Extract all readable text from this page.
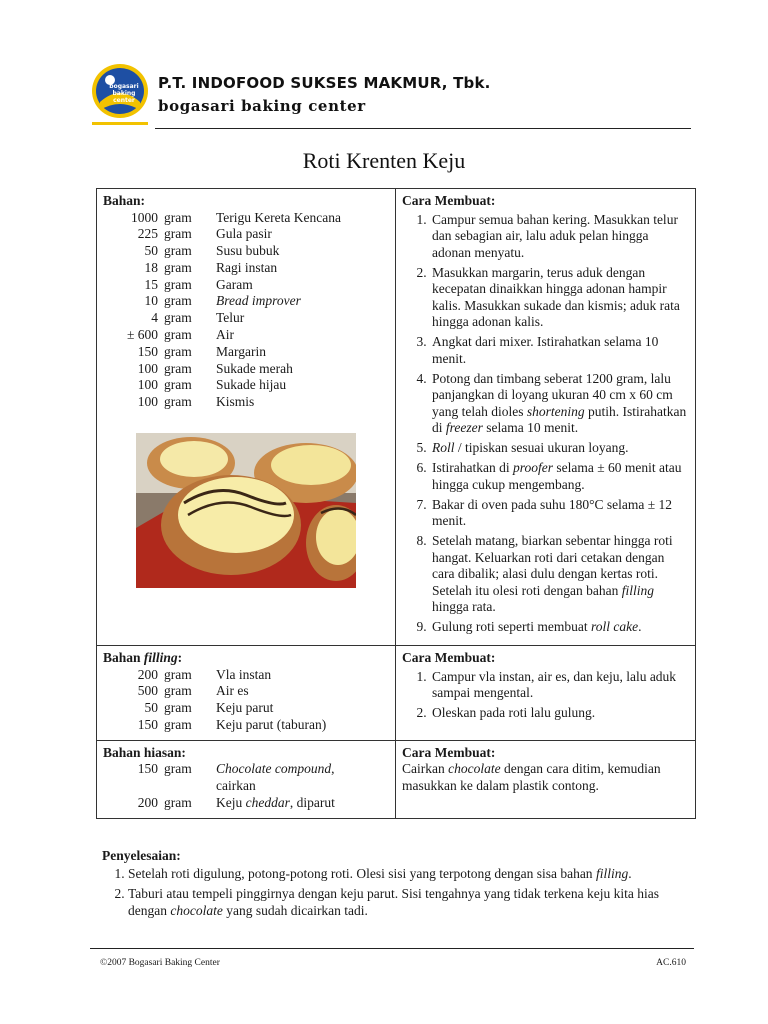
bogasari
baking
center
P.T. INDOFOOD SUKSES MAKMUR, Tbk.
bogasari baking center
Roti Krenten Keju
Bahan:
1000	gram	Terigu Kereta Kencana
225	gram	Gula pasir
50	gram	Susu bubuk
18	gram	Ragi instan
15	gram	Garam
10	gram	Bread improver
4	gram	Telur
± 600	gram	Air
150	gram	Margarin
100	gram	Sukade merah
100	gram	Sukade hijau
100	gram	Kismis

Cara Membuat:
1. Campur semua bahan kering. Masukkan telur dan sebagian air, lalu aduk pelan hingga adonan menyatu.
2. Masukkan margarin, terus aduk dengan kecepatan dinaikkan hingga adonan hampir kalis. Masukkan sukade dan kismis; aduk rata hingga adonan kalis.
3. Angkat dari mixer. Istirahatkan selama 10 menit.
4. Potong dan timbang seberat 1200 gram, lalu panjangkan di loyang ukuran 40 cm x 60 cm yang telah dioles shortening putih. Istirahatkan di freezer selama 10 menit.
5. Roll / tipiskan sesuai ukuran loyang.
6. Istirahatkan di proofer selama ± 60 menit atau hingga cukup mengembang.
7. Bakar di oven pada suhu 180°C selama ± 12 menit.
8. Setelah matang, biarkan sebentar hingga roti hangat. Keluarkan roti dari cetakan dengan cara dibalik; alasi dulu dengan kertas roti. Setelah itu olesi roti dengan bahan filling hingga rata.
9. Gulung roti seperti membuat roll cake.

Bahan filling:
200	gram	Vla instan
500	gram	Air es
50	gram	Keju parut
150	gram	Keju parut (taburan)

Cara Membuat:
1. Campur vla instan, air es, dan keju, lalu aduk sampai mengental.
2. Oleskan pada roti lalu gulung.

Bahan hiasan:
150	gram	Chocolate compound,
cairkan
200	gram	Keju cheddar, diparut

Cara Membuat:
Cairkan chocolate dengan cara ditim, kemudian masukkan ke dalam plastik contong.
Penyelesaian:
1. Setelah roti digulung, potong-potong roti. Olesi sisi yang terpotong dengan sisa bahan filling.
2. Taburi atau tempeli pinggirnya dengan keju parut. Sisi tengahnya yang tidak terkena keju kita hias dengan chocolate yang sudah dicairkan tadi.
©2007 Bogasari Baking Center	AC.610
